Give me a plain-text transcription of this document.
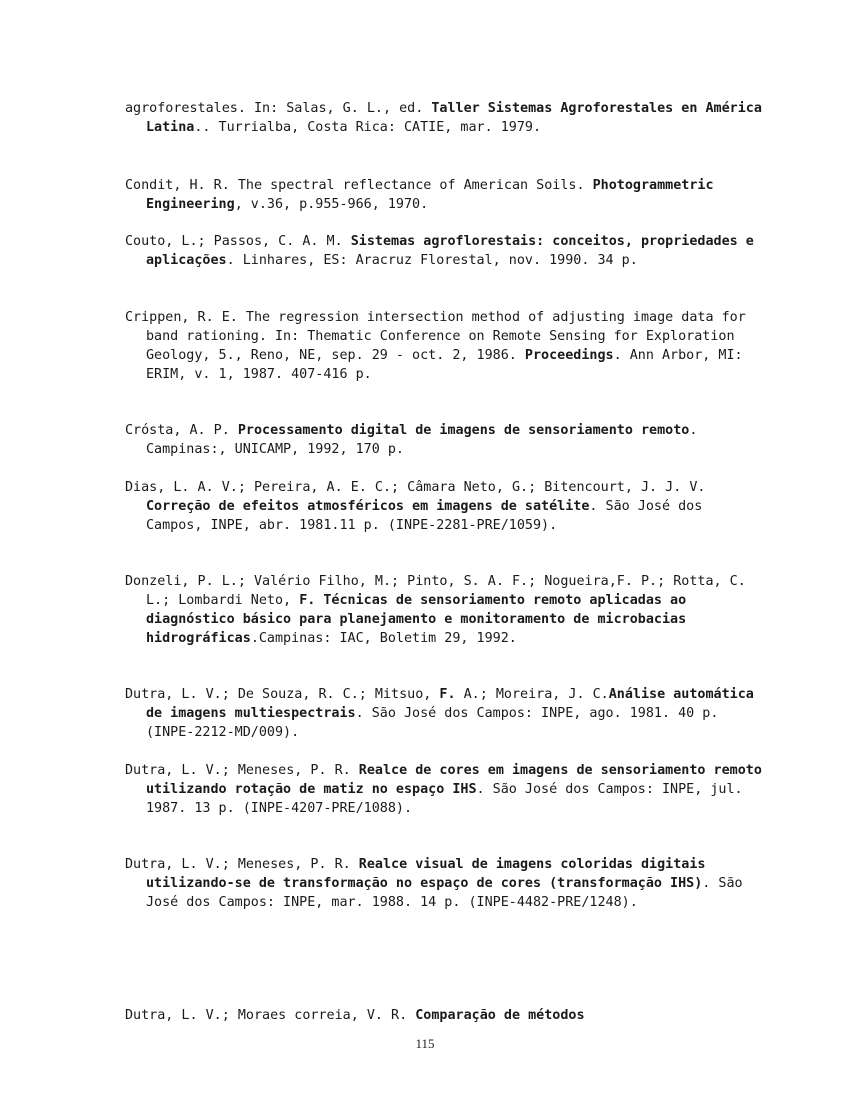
agroforestales. In: Salas, G. L., ed. Taller Sistemas Agroforestales en América Latina.. Turrialba, Costa Rica: CATIE, mar. 1979.

Condit, H. R. The spectral reflectance of American Soils. Photogrammetric Engineering, v.36, p.955-966, 1970.

Couto, L.; Passos, C. A. M. Sistemas agroflorestais: conceitos, propriedades e aplicações. Linhares, ES: Aracruz Florestal, nov. 1990. 34 p.

Crippen, R. E. The regression intersection method of adjusting image data for band rationing. In: Thematic Conference on Remote Sensing for Exploration Geology, 5., Reno, NE, sep. 29 - oct. 2, 1986. Proceedings. Ann Arbor, MI: ERIM, v. 1, 1987. 407-416 p.

Crósta, A. P. Processamento digital de imagens de sensoriamento remoto. Campinas:, UNICAMP, 1992, 170 p.

Dias, L. A. V.; Pereira, A. E. C.; Câmara Neto, G.; Bitencourt, J. J. V. Correção de efeitos atmosféricos em imagens de satélite. São José dos Campos, INPE, abr. 1981.11 p. (INPE-2281-PRE/1059).

Donzeli, P. L.; Valério Filho, M.; Pinto, S. A. F.; Nogueira,F. P.; Rotta, C. L.; Lombardi Neto, F. Técnicas de sensoriamento remoto aplicadas ao diagnóstico básico para planejamento e monitoramento de microbacias hidrográficas.Campinas: IAC, Boletim 29, 1992.

Dutra, L. V.; De Souza, R. C.; Mitsuo, F. A.; Moreira, J. C.Análise automática de imagens multiespectrais. São José dos Campos: INPE, ago. 1981. 40 p. (INPE-2212-MD/009).

Dutra, L. V.; Meneses, P. R. Realce de cores em imagens de sensoriamento remoto utilizando rotação de matiz no espaço IHS. São José dos Campos: INPE, jul. 1987. 13 p. (INPE-4207-PRE/1088).

Dutra, L. V.; Meneses, P. R. Realce visual de imagens coloridas digitais utilizando-se de transformação no espaço de cores (transformação IHS). São José dos Campos: INPE, mar. 1988. 14 p. (INPE-4482-PRE/1248).

Dutra, L. V.; Moraes correia, V. R. Comparação de métodos

115
